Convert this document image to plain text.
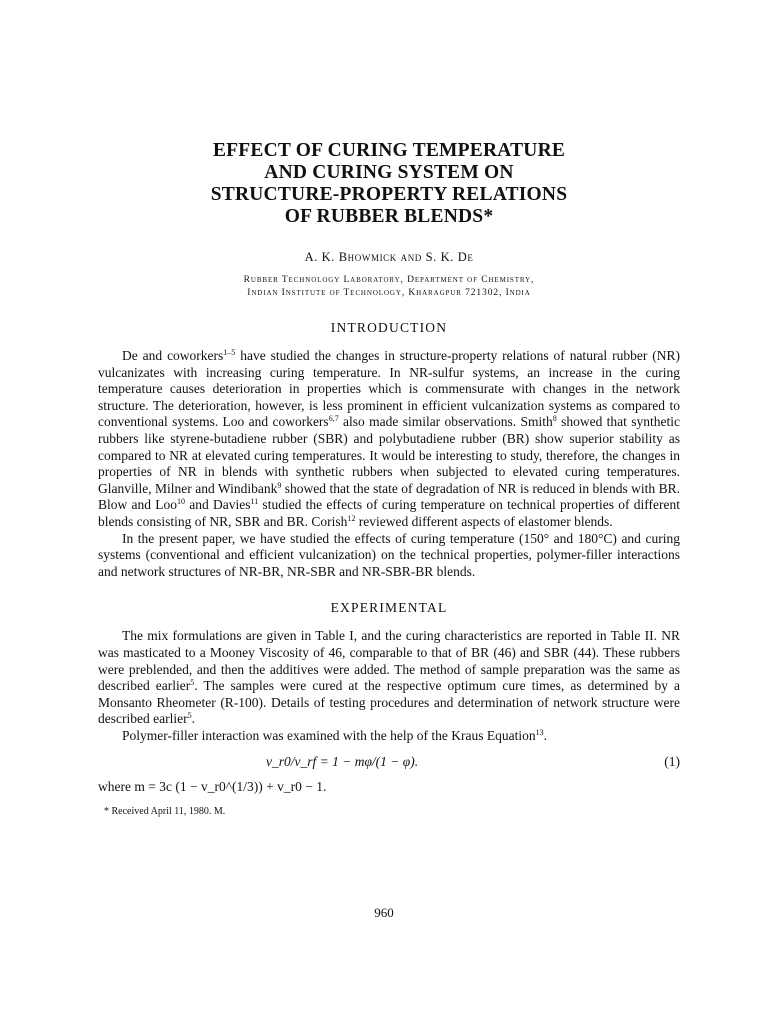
EFFECT OF CURING TEMPERATURE
AND CURING SYSTEM ON
STRUCTURE-PROPERTY RELATIONS
OF RUBBER BLENDS*
A. K. Bhowmick and S. K. De
Rubber Technology Laboratory, Department of Chemistry,
Indian Institute of Technology, Kharagpur 721302, India
INTRODUCTION

De and coworkers$^{1-5}$ have studied the changes in structure-property relations of natural rubber (NR) vulcanizates with increasing curing temperature. In NR-sulfur systems, an increase in the curing temperature causes deterioration in properties which is commensurate with changes in the network structure. The deterioration, however, is less prominent in efficient vulcanization systems as compared to conventional systems. Loo and coworkers$^{6,7}$ also made similar observations. Smith$^8$ showed that synthetic rubbers like styrene-butadiene rubber (SBR) and polybutadiene rubber (BR) show superior stability as compared to NR at elevated curing temperatures. It would be interesting to study, therefore, the changes in properties of NR in blends with synthetic rubbers when subjected to elevated curing temperatures. Glanville, Milner and Windibank$^9$ showed that the state of degradation of NR is reduced in blends with BR. Blow and Loo$^{10}$ and Davies$^{11}$ studied the effects of curing temperature on technical properties of different blends consisting of NR, SBR and BR. Corish$^{12}$ reviewed different aspects of elastomer blends.

In the present paper, we have studied the effects of curing temperature (150° and 180°C) and curing systems (conventional and efficient vulcanization) on the technical properties, polymer-filler interactions and network structures of NR-BR, NR-SBR and NR-SBR-BR blends.

EXPERIMENTAL

The mix formulations are given in Table I, and the curing characteristics are reported in Table II. NR was masticated to a Mooney Viscosity of 46, comparable to that of BR (46) and SBR (44). These rubbers were preblended, and then the additives were added. The method of sample preparation was the same as described earlier$^5$. The samples were cured at the respective optimum cure times, as determined by a Monsanto Rheometer (R-100). Details of testing procedures and determination of network structure were described earlier$^5$.

Polymer-filler interaction was examined with the help of the Kraus Equation$^{13}$.

v_r0/v_rf = 1 − mφ/(1 − φ).	(1)
where m = 3c (1 − v_r0^(1/3)) + v_r0 − 1.
* Received April 11, 1980. M.
960
